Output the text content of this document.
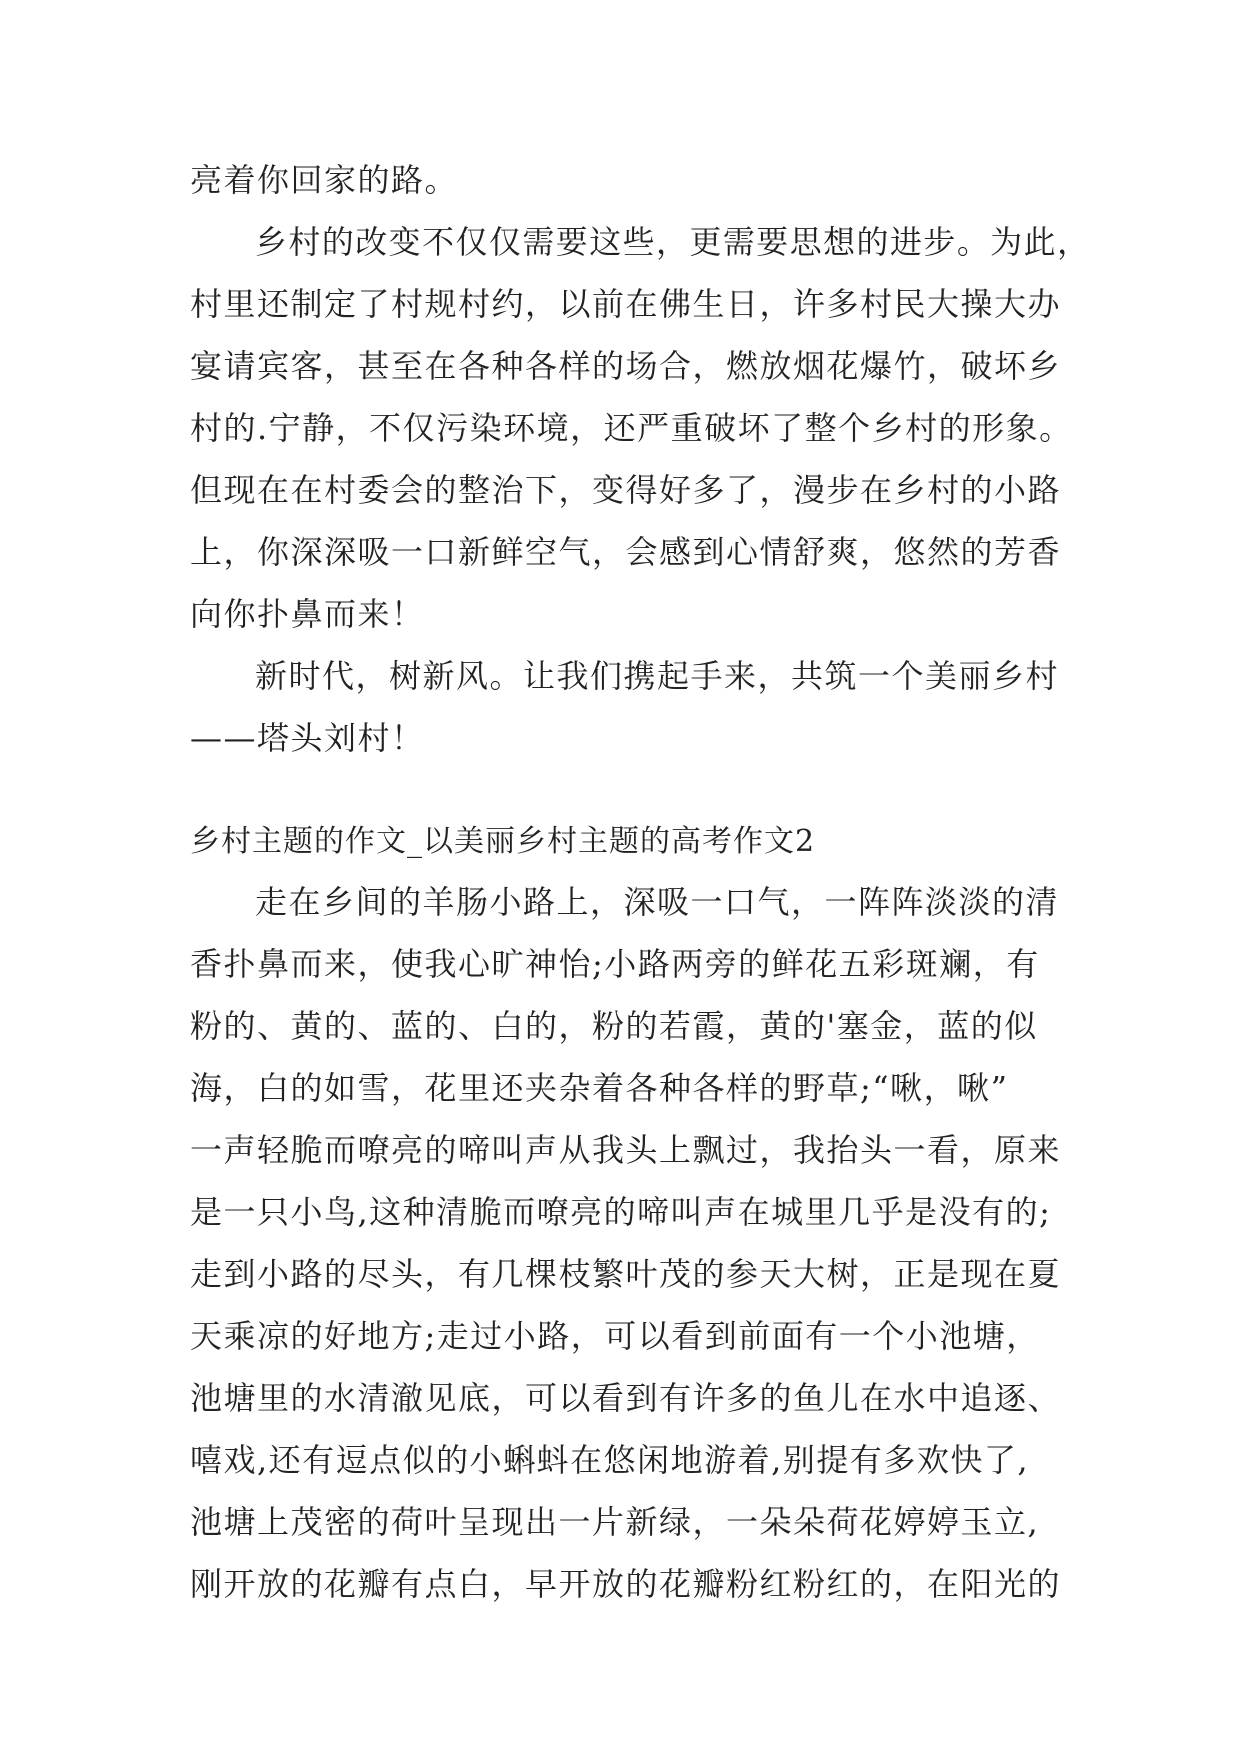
亮着你回家的路。
乡村的改变不仅仅需要这些，更需要思想的进步。为此，
村里还制定了村规村约，以前在佛生日，许多村民大操大办
宴请宾客，甚至在各种各样的场合，燃放烟花爆竹，破坏乡
村的.宁静，不仅污染环境，还严重破坏了整个乡村的形象。
但现在在村委会的整治下，变得好多了，漫步在乡村的小路
上，你深深吸一口新鲜空气，会感到心情舒爽，悠然的芳香
向你扑鼻而来！
新时代，树新风。让我们携起手来，共筑一个美丽乡村
——塔头刘村！
乡村主题的作文_以美丽乡村主题的高考作文2
走在乡间的羊肠小路上，深吸一口气，一阵阵淡淡的清
香扑鼻而来，使我心旷神怡;小路两旁的鲜花五彩斑斓，有
粉的、黄的、蓝的、白的，粉的若霞，黄的'塞金，蓝的似
海，白的如雪，花里还夹杂着各种各样的野草;“啾，啾”
一声轻脆而嘹亮的啼叫声从我头上飘过，我抬头一看，原来
是一只小鸟,这种清脆而嘹亮的啼叫声在城里几乎是没有的;
走到小路的尽头，有几棵枝繁叶茂的参天大树，正是现在夏
天乘凉的好地方;走过小路，可以看到前面有一个小池塘，
池塘里的水清澈见底，可以看到有许多的鱼儿在水中追逐、
嘻戏,还有逗点似的小蝌蚪在悠闲地游着,别提有多欢快了,
池塘上茂密的荷叶呈现出一片新绿，一朵朵荷花婷婷玉立,
刚开放的花瓣有点白，早开放的花瓣粉红粉红的，在阳光的
